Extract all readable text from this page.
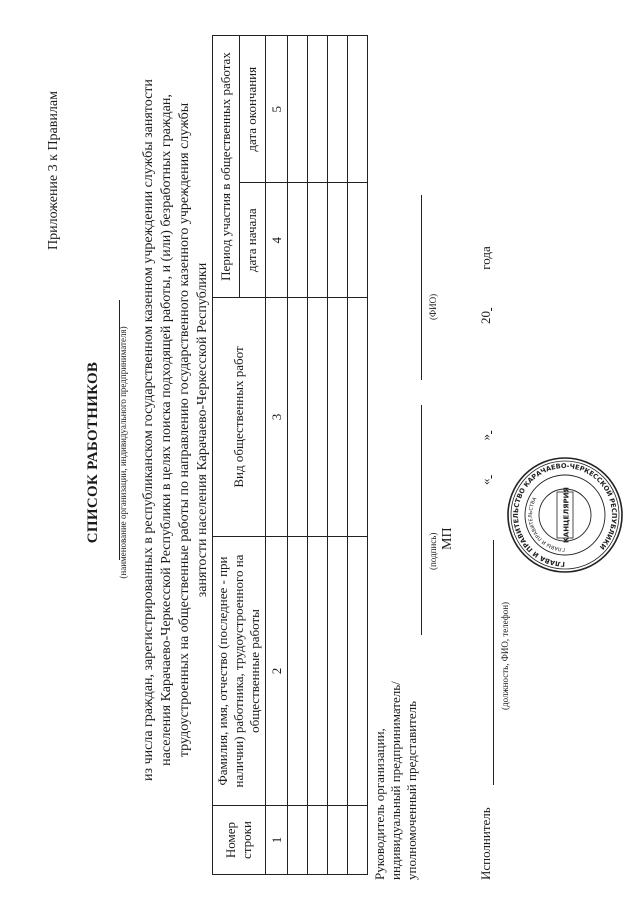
Приложение 3 к Правилам
СПИСОК РАБОТНИКОВ (наименование организации, индивидуального предпринимателя) из числа граждан, зарегистрированных в республиканском государственном казенном учреждении службы занятости населения Карачаево-Черкесской Республики в целях поиска подходящей работы, и (или) безработных граждан, трудоустроенных на общественные работы по направлению государственного казенного учреждения службы занятости населения Карачаево-Черкесской Республики
Номер строки	Фамилия, имя, отчество (последнее - при наличии) работника, трудоустроенного на общественные работы	Вид общественных работ	Период участия в общественных работах	
			дата начала	дата окончания
1	2	3	4	5

Руководитель организации, индивидуальный предприниматель/ уполномоченный представитель
(подпись)
(ФИО)
МП
Исполнитель
(должность, ФИО, телефон)
« » 20  года
ГЛАВА И ПРАВИТЕЛЬСТВО КАРАЧАЕВО-ЧЕРКЕССКОЙ РЕСПУБЛИКИ
ГЛАВЫ И ПРАВИТЕЛЬСТВА	КАНЦЕЛЯРИЯ
